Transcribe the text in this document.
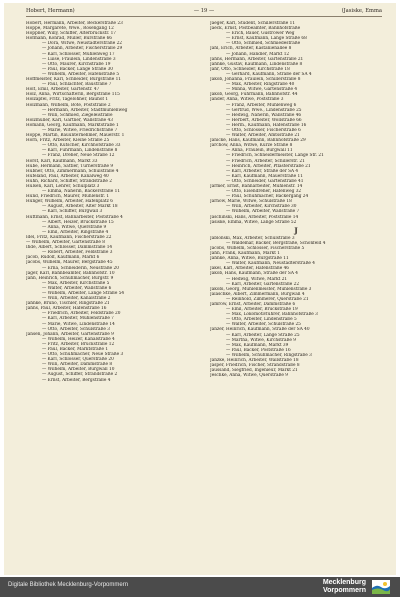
Hobert, Hermann)	— 19 —	(Jasiske, Emma
Hobert, Hermann, Arbeiter, Beckerstraße 23
Hoppe, Margarete, Wwe., Rosengang 12
Hoppner, Willy, Schiffer, Alterbruckstr. 17
Hofmann, Konrad, Müller, Burstraße 66
— Dora, Witwe, Neustädterstraße 22
— Johann, Arbeiter, Fischerstraße 29
— Karl, Schlosser, Mühlenweg 17
— Luise, Fräulein, Lindenstraße 3
— Otto, Maurer, Kirchstraße 19
— Paul, Bäcker, Lange Straße 30
— Wilhelm, Arbeiter, Hafenstraße 5
Hoffmeister, Karl, Schneider, Burgstraße 11
— Paul, Schlachter, Baustraße 7
Holt, Emil, Arbeiter, Gartenstr. 47
Holz, Anna, Wirtschafterin, Bergstraße 115
Holzapfel, Fritz, Tagelöhner, Bauhof 1
Holzmann, Wilhelm, Bote, Poststraße 2
— Hermann, Arbeiter, Stadtmühlenweg
— Willi, Schmied, Ziegeleistraße
Holzmüller, Karl, Gärtner, Wallstraße 43
Homann, Georg, Kaufmann, Marktstraße 1
— Marie, Witwe, Friedrichstraße 7
Hoppe, Martin, Bauunternehmer, Mauerstr. 1
Horn, Fritz, Arbeiter, Kleine Straße 25
— Otto, Kutscher, Kirchhofstraße 33
— Karl, Fuhrmann, Lindenstraße 8
— Franz, Dreher, Neue Straße 12
Horst, Karl, Kaufmann, Markt 33
Hube, Hermann, Sattler, Turnerstraße 9
Hübner, Otto, Zimmermann, Schulstraße 4
Hufeland, Paul, Arbeiter, Kanalweg 40
Hühn, Richard, Schiffer, Strandstraße 2
Hülsen, Karl, Lehrer, Schulplatz 3
— Emma, Näherin, Bäckerstraße 11
Hund, Friedrich, Maurer, Mühlenstr. 1
Hunger, Wilhelm, Arbeiter, Hafenplatz 6
— August, Arbeiter, Alter Markt 18
— Karl, Schiffer, Burgwall 3
Hüttmann, Ernst, Bahnarbeiter, Poststraße 4
— Albert, Heizer, Brückstraße 15
— Anna, Witwe, Querstraße 9
— Emil, Arbeiter, Ringstraße 4
Idel, Fritz, Kaufmann, Fischerstraße 22
— Wilhelm, Arbeiter, Gartenstraße 8
Ihde, Albert, Schlosser, Dammstraße 14
— Robert, Arbeiter, Feldstraße 3
Jacob, Rudolf, Kaufmann, Markt 6
Jacobs, Wilhelm, Maurer, Bergstraße 45
— Erna, Schneiderin, Neustraße 20
Jäger, Karl, Bahnbeamter, Bahnhofstr. 10
Jahn, Heinrich, Schuhmacher, Burgstr. 9
— Max, Arbeiter, Kirchstraße 5
— Walter, Arbeiter, Wallstraße 6
— Wilhelm, Arbeiter, Lange Straße 54
— Willi, Arbeiter, Kanalstraße 2
Jahnke, Bruno, Tischler, Ringstraße 21
Jahns, Paul, Arbeiter, Hafenstraße 16
— Friedrich, Arbeiter, Feldstraße 20
— Karl, Arbeiter, Mühlenstraße 7
— Marie, Witwe, Lindenstraße 14
— Otto, Arbeiter, Schulstraße 3
Jansen, Johann, Arbeiter, Gartenstraße 9
— Wilhelm, Heizer, Kanalstraße 4
— Fritz, Arbeiter, Brückstraße 12
— Paul, Bäcker, Marktstraße 1
— Otto, Schuhmacher, Neue Straße 3
— Karl, Schlosser, Querstraße 20
— Willi, Arbeiter, Dammstraße 8
— Wilhelm, Arbeiter, Burgwall 10
— August, Schiffer, Strandstraße 2
— Ernst, Arbeiter, Bergstraße 4
Jaeger, Karl, Student, Schillerstraße 11
Jaeck, Ernst, Postbeamter, Bahnhofstraße
— Erich, Bauer, Güstrower Weg
— Ernst, Kaufmann, Lange Straße 68
— Otto, Schmied, Schmiedestraße
Jahl, Erich, Arbeiter, Kastanienallee 8
— Johann, Händler, Markt 12
Jahns, Hermann, Arbeiter, Gartenstraße 21
Jahnke, Gustav, Kaufmann, Lindenstraße 8
Jahr, Otto, Schneider, Kirchstraße 18
— Gerhard, Kaufmann, Straße der SA 4
Jakob, Johanna, Fräulein, Schillerstraße 8
— Max, Arbeiter, Ringstraße 40
— Minna, Witwe, Gartenstraße 4
Jakob, Georg, Fuhrmann, Bahnhofstr. 44
Jander, Anna, Witwe, Poststraße 3
— Franz, Arbeiter, Mühlenweg 6
— Gertrud, Wwe., Lindenstraße 25
— Hedwig, Näherin, Wallstraße 46
— Herbert, Arbeiter, Wollstraße 66
— Herm., Kaufmann, Hafenstraße 16
— Otto, Schlosser, Fischerstraße 6
— Walter, Arbeiter, Amtsstraße 21
Jänicke, Hans, Kaufmann, Bahnhofstraße 29
Jarchow, Anna, Witwe, Kurze Straße 8
— Anna, Fräulein, Burgwall 11
— Friedrich, Schneidermeister, Lange Str. 21
— Friedrich, Arbeiter, Schillerstr. 21
— Heinrich, Arbeiter, Pflasterstraße 21
— Karl, Arbeiter, Straße der SA 4
— Karl, Kaufmann, Mauerstraße 11
— Otto, Schneider, Gartenstraße 41
Jarmer, Ernst, Bahnarbeiter, Mühlenstr. 14
— Otto, Eisendreher, Hafenweg 32
— Paul, Schuhmacher, Bäckergang 24
Jarnow, Marie, Witwe, Schulstraße 18
— Willi, Arbeiter, Kirchstraße 30
— Wilhelm, Arbeiter, Wallstraße 7
Jaschinski, Hans, Arbeiter, Poststraße 14
Jasiske, Emma, Witwe, Lange Straße 52
J
Jablonski, Max, Arbeiter, Schulstraße 3
— Waldemar, Bäcker, Bergstraße, Schönfeld 4
Jacobs, Wilhelm, Schlosser, Fischerstraße 5
Jahn, Frank, Kaufmann, Markt 1
Jähnke, Anna, Witwe, Burgstraße 11
— Walter, Kaufmann, Neustädterstraße 4
Jäkel, Karl, Arbeiter, Hafenstraße 46
Jakob, Hans, Kaufmann, Straße der SA 4
— Hedwig, Witwe, Markt 21
— Karl, Arbeiter, Gartenstraße 22
Jakobi, Georg, Mühlenmeister, Mühlenstraße 3
Jalaschke, Albert, Zimmermann, Burgwall 4
— Reinhold, Zimmerer, Querstraße 21
Jamrow, Ernst, Arbeiter, Dammstraße 6
— Emil, Arbeiter, Brückstraße 19
— Max, Lokomotivführer, Bahnhofstraße 3
— Otto, Arbeiter, Lindenstraße 5
— Walter, Arbeiter, Schulstraße 25
Janzer, Heinrich, Kaufmann, Straße der SA 40
— Karl, Arbeiter, Lange Straße 25
— Martha, Witwe, Kirchstraße 9
— Max, Kaufmann, Markt 39
— Paul, Bäcker, Poststraße 16
— Wilhelm, Schuhmacher, Ringstraße 3
Janzke, Heinrich, Arbeiter, Wallstraße 18
Jasper, Friedrich, Fischer, Strandstraße 8
Jaussand, Siegfried, Ingenieur, Markt 21
Jeschke, Anna, Witwe, Querstraße 9
Digitale Bibliothek Mecklenburg-Vorpommern	Mecklenburg
Vorpommern
